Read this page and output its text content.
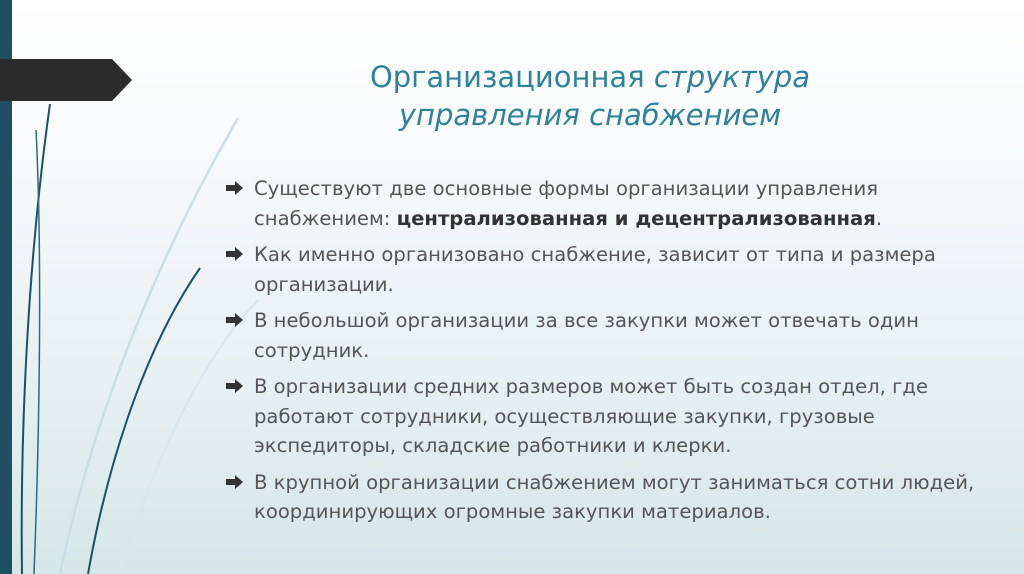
Организационная структура
управления снабжением
Существуют две основные формы организации управления снабжением: централизованная и децентрализованная.
Как именно организовано снабжение, зависит от типа и размера организации.
В небольшой организации за все закупки может отвечать один сотрудник.
В организации средних размеров может быть создан отдел, где работают сотрудники, осуществляющие закупки, грузовые экспедиторы, складские работники и клерки.
В крупной организации снабжением могут заниматься сотни людей, координирующих огромные закупки материалов.
